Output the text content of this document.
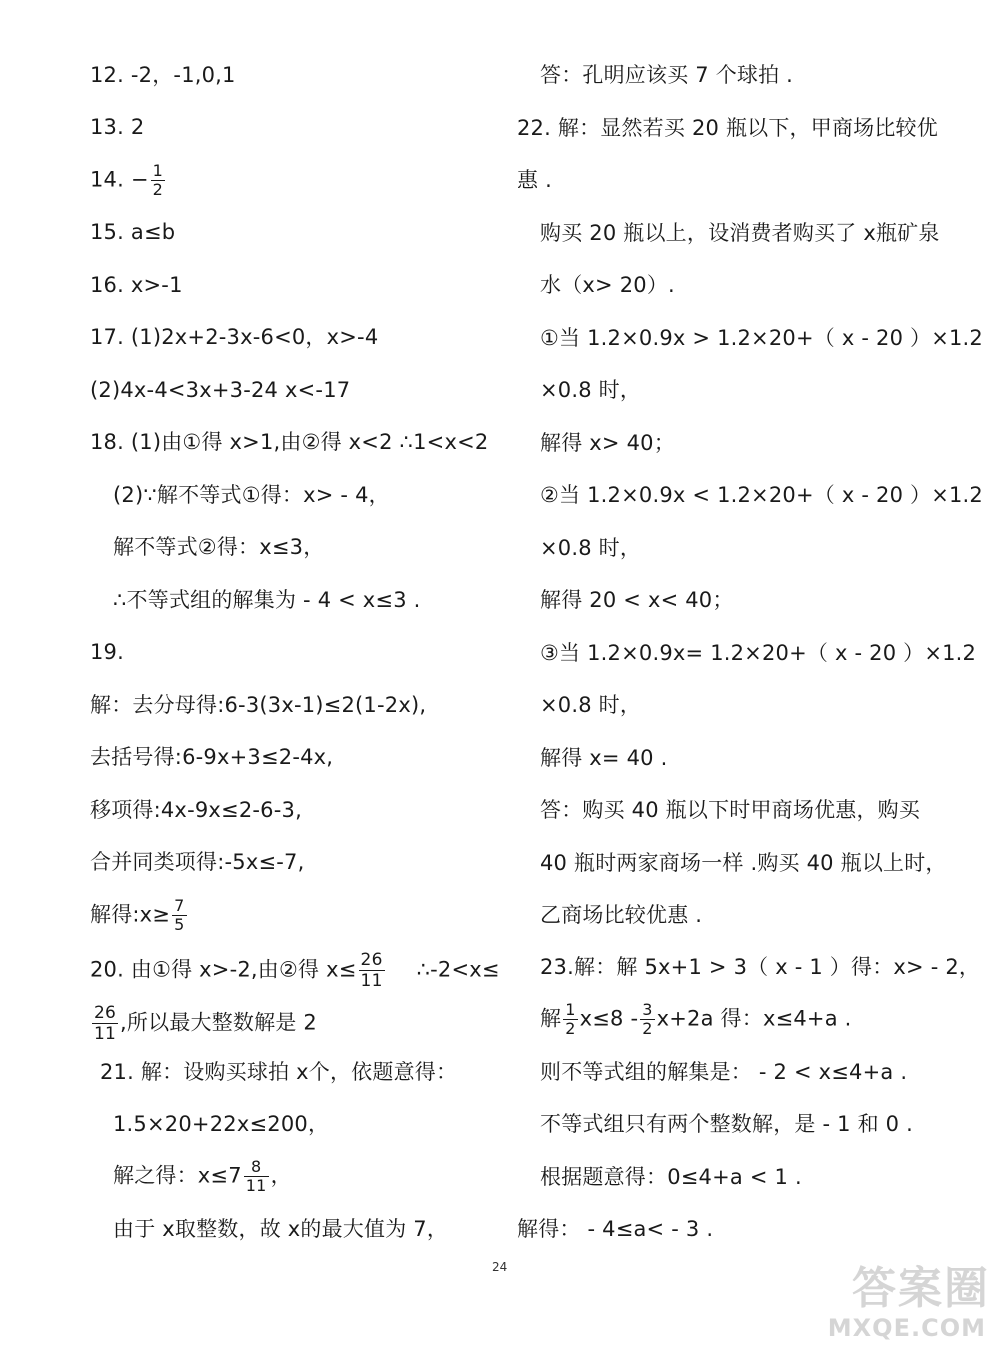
12. -2，-1,0,1
13. 2
14. − $\frac{1}{2}$
15. a≤b
16. x>-1
17. (1)2x+2-3x-6<0，x>-4
(2)4x-4<3x+3-24 x<-17
18. (1)由①得 x>1,由②得 x<2 ∴1<x<2
(2)∵解不等式①得：x> - 4，
解不等式②得：x≤3，
∴不等式组的解集为 - 4 < x≤3 .
19.
解：去分母得:6-3(3x-1)≤2(1-2x),
去括号得:6-9x+3≤2-4x,
移项得:4x-9x≤2-6-3,
合并同类项得:-5x≤-7,
解得:x≥ $\frac{7}{5}$
20. 由①得 x>-2,由②得 $x\le \frac{26}{11}$ ∴-2<x≤
$\frac{26}{11}$ ,所以最大整数解是 2
21. 解：设购买球拍 x个，依题意得：
1.5×20+22x≤200，
解之得：$x\le 7 \frac{8}{11}$ ，
由于 x取整数，故 x的最大值为 7，
答：孔明应该买 7 个球拍 .
22. 解：显然若买 20 瓶以下，甲商场比较优
惠 .
购买 20 瓶以上，设消费者购买了 x瓶矿泉
水（x> 20）.
①当 1.2×0.9x > 1.2×20+（ x - 20 ）×1.2
×0.8 时，
解得 x> 40；
②当 1.2×0.9x < 1.2×20+（ x - 20 ）×1.2
×0.8 时，
解得 20 < x< 40；
③当 1.2×0.9x= 1.2×20+（ x - 20 ）×1.2
×0.8 时，
解得 x= 40 .
答：购买 40 瓶以下时甲商场优惠，购买
40 瓶时两家商场一样 .购买 40 瓶以上时，
乙商场比较优惠 .
23.解：解 5x+1 > 3（ x - 1 ）得：x> - 2，
解 $\frac{1}{2} x\le 8 - \frac{3}{2} x+2a$ 得：x≤4+a .
则不等式组的解集是： - 2 < x≤4+a .
不等式组只有两个整数解，是 - 1 和 0 .
根据题意得：0≤4+a < 1 .
解得： - 4≤a< - 3 .
24	答案圈
MXQE.COM
